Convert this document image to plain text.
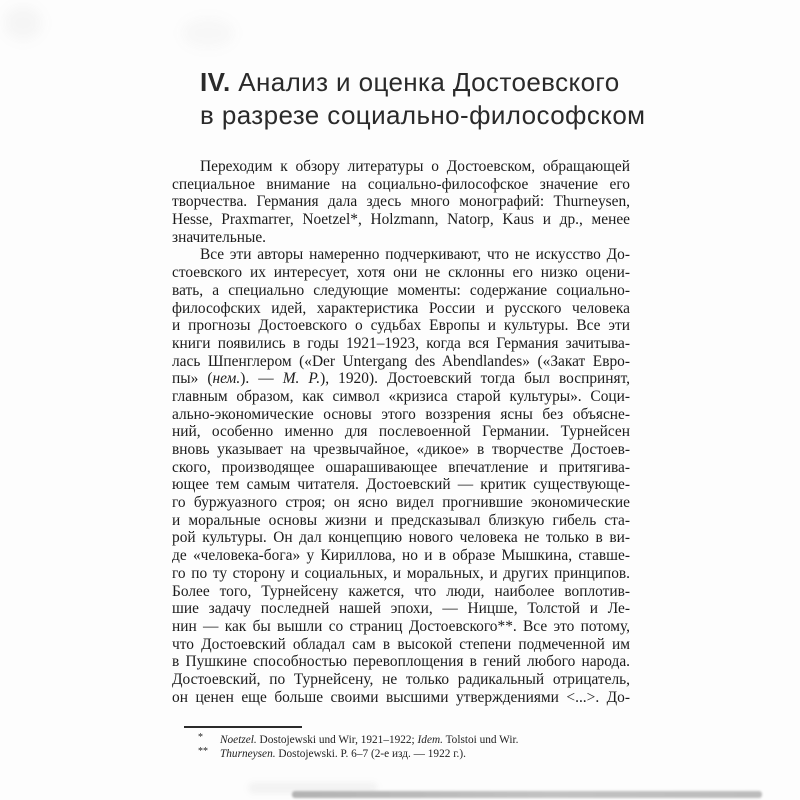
IV. Анализ и оценка Достоевского
в разрезе социально-философском
Переходим к обзору литературы о Достоевском, обращающей
специальное внимание на социально-философское значение его
творчества. Германия дала здесь много монографий: Thurneysen,
Hesse, Praxmarrer, Noetzel*, Holzmann, Natorp, Kaus и др., менее
значительные.
Все эти авторы намеренно подчеркивают, что не искусство До-
стоевского их интересует, хотя они не склонны его низко оцени-
вать, а специально следующие моменты: содержание социально-
философских идей, характеристика России и русского человека
и прогнозы Достоевского о судьбах Европы и культуры. Все эти
книги появились в годы 1921–1923, когда вся Германия зачитыва-
лась Шпенглером («Der Untergang des Abendlandes» («Закат Евро-
пы» (нем.). — М. Р.), 1920). Достоевский тогда был воспринят,
главным образом, как символ «кризиса старой культуры». Соци-
ально-экономические основы этого воззрения ясны без объясне-
ний, особенно именно для послевоенной Германии. Турнейсен
вновь указывает на чрезвычайное, «дикое» в творчестве Достоев-
ского, производящее ошарашивающее впечатление и притягива-
ющее тем самым читателя. Достоевский — критик существующе-
го буржуазного строя; он ясно видел прогнившие экономические
и моральные основы жизни и предсказывал близкую гибель ста-
рой культуры. Он дал концепцию нового человека не только в ви-
де «человека-бога» у Кириллова, но и в образе Мышкина, ставше-
го по ту сторону и социальных, и моральных, и других принципов.
Более того, Турнейсену кажется, что люди, наиболее воплотив-
шие задачу последней нашей эпохи, — Ницше, Толстой и Ле-
нин — как бы вышли со страниц Достоевского**. Все это потому,
что Достоевский обладал сам в высокой степени подмеченной им
в Пушкине способностью перевоплощения в гений любого народа.
Достоевский, по Турнейсену, не только радикальный отрицатель,
он ценен еще больше своими высшими утверждениями <...>. До-
* Noetzel. Dostojewski und Wir, 1921–1922; Idem. Tolstoi und Wir.
** Thurneysen. Dostojewski. P. 6–7 (2-е изд. — 1922 г.).
